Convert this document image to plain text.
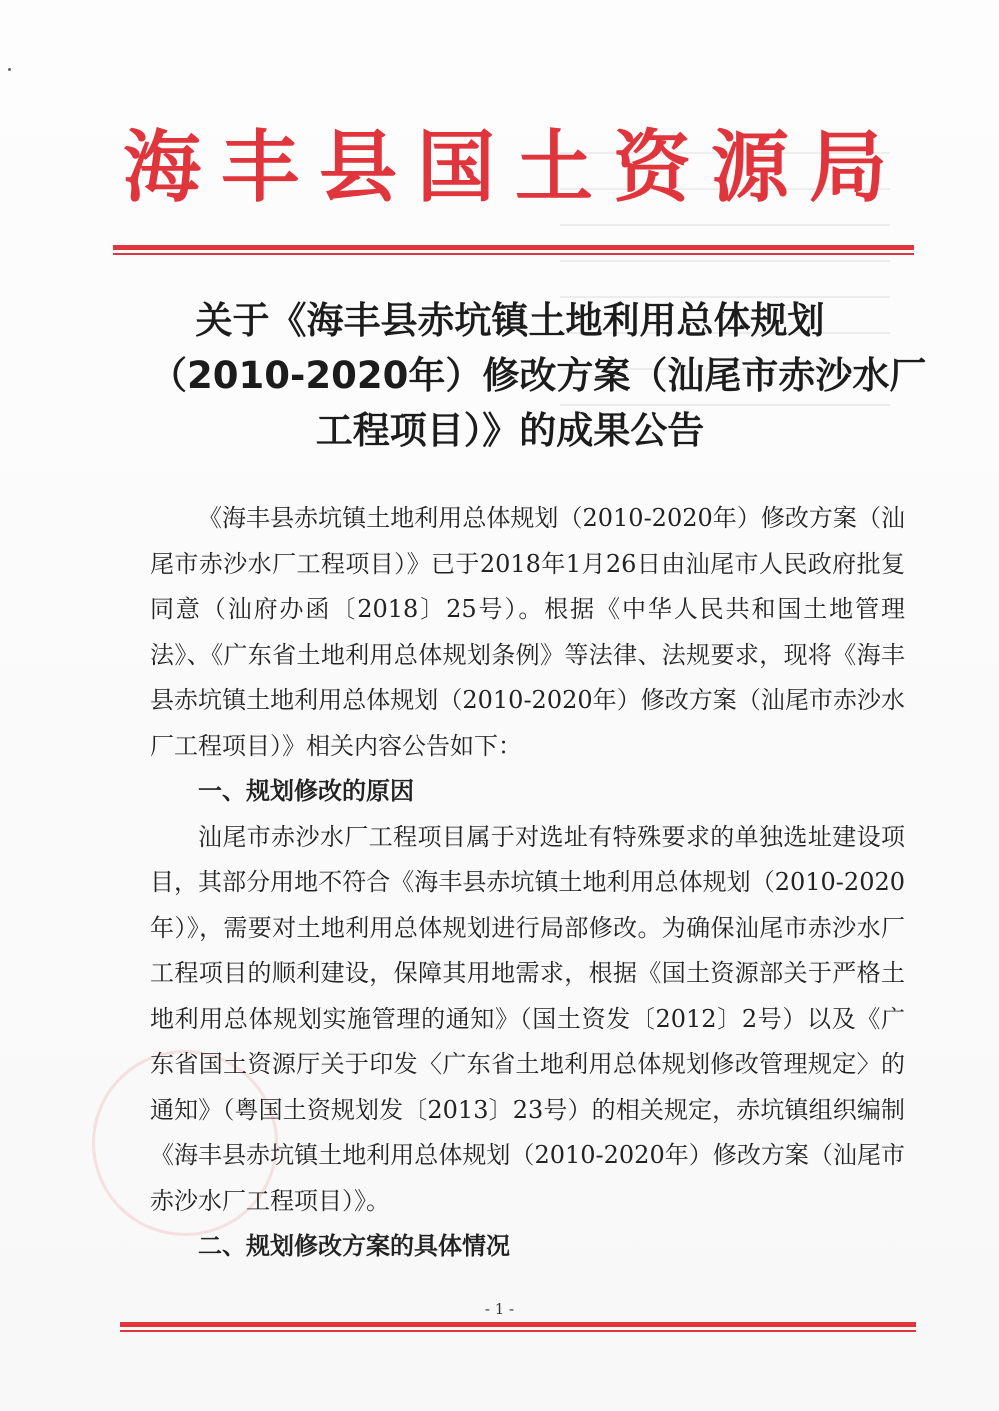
海丰县国土资源局
关于《海丰县赤坑镇土地利用总体规划
（2010-2020年）修改方案（汕尾市赤沙水厂
工程项目）》的成果公告

《海丰县赤坑镇土地利用总体规划（2010-2020年）修改方案（汕尾市赤沙水厂工程项目）》已于2018年1月26日由汕尾市人民政府批复同意（汕府办函〔2018〕25号）。根据《中华人民共和国土地管理法》、《广东省土地利用总体规划条例》等法律、法规要求，现将《海丰县赤坑镇土地利用总体规划（2010-2020年）修改方案（汕尾市赤沙水厂工程项目）》相关内容公告如下：

一、规划修改的原因

汕尾市赤沙水厂工程项目属于对选址有特殊要求的单独选址建设项目，其部分用地不符合《海丰县赤坑镇土地利用总体规划（2010-2020年）》，需要对土地利用总体规划进行局部修改。为确保汕尾市赤沙水厂工程项目的顺利建设，保障其用地需求，根据《国土资源部关于严格土地利用总体规划实施管理的通知》（国土资发〔2012〕2号）以及《广东省国土资源厅关于印发〈广东省土地利用总体规划修改管理规定〉的通知》（粤国土资规划发〔2013〕23号）的相关规定，赤坑镇组织编制《海丰县赤坑镇土地利用总体规划（2010-2020年）修改方案（汕尾市赤沙水厂工程项目）》。

二、规划修改方案的具体情况

- 1 -
